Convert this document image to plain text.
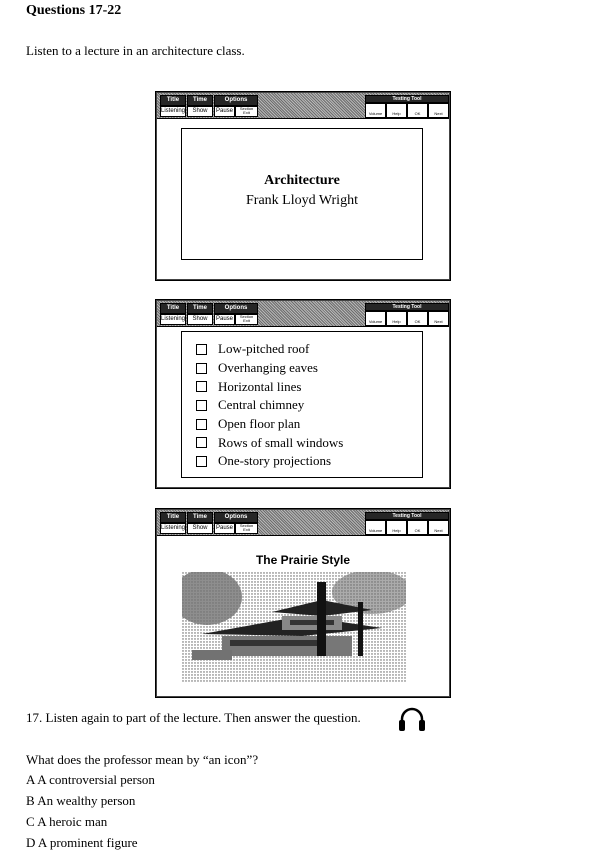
Questions 17-22
Listen to a lecture in an architecture class.
Title	Time	Options
Listening	Show	Pause	Section Exit
Testing Tool
Volume	Help	OK	Next
Architecture
Frank Lloyd Wright
Title	Time	Options
Listening	Show	Pause	Section Exit
Testing Tool
Volume	Help	OK	Next
Low-pitched roof
Overhanging eaves
Horizontal lines
Central chimney
Open floor plan
Rows of small windows
One-story projections
Title	Time	Options
Listening	Show	Pause	Section Exit
Testing Tool
Volume	Help	OK	Next
The Prairie Style
17. Listen again to part of the lecture. Then answer the question.
What does the professor mean by “an icon”?
A A controversial person
B An wealthy person
C A heroic man
D A prominent figure
